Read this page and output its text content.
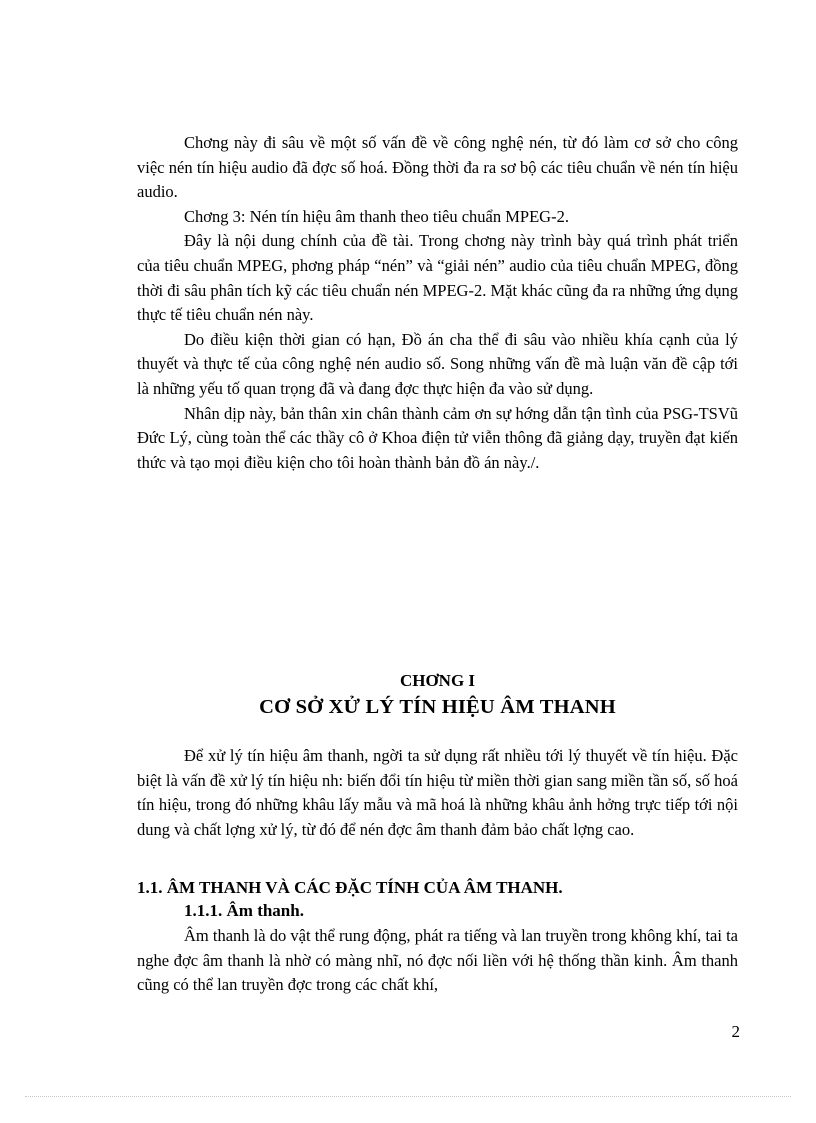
Chơng này đi sâu về một số vấn đề về công nghệ nén, từ đó làm cơ sở cho công việc nén tín hiệu audio đã đợc số hoá. Đồng thời đa ra sơ bộ các tiêu chuẩn về nén tín hiệu audio.

Chơng 3: Nén tín hiệu âm thanh theo tiêu chuẩn MPEG-2.

Đây là nội dung chính của đề tài. Trong chơng này trình bày quá trình phát triển của tiêu chuẩn MPEG, phơng pháp “nén” và “giải nén” audio của tiêu chuẩn MPEG, đồng thời đi sâu phân tích kỹ các tiêu chuẩn nén MPEG-2. Mặt khác cũng đa ra những ứng dụng thực tế tiêu chuẩn nén này.

Do điều kiện thời gian có hạn, Đồ án cha thể đi sâu vào nhiều khía cạnh của lý thuyết và thực tế của công nghệ nén audio số. Song những vấn đề mà luận văn đề cập tới là những yếu tố quan trọng đã và đang đợc thực hiện đa vào sử dụng.

Nhân dịp này, bản thân xin chân thành cảm ơn sự hớng dẫn tận tình của PSG-TSVũ Đức Lý, cùng toàn thể các thầy cô ở Khoa điện tử viễn thông đã giảng dạy, truyền đạt kiến thức và tạo mọi điều kiện cho tôi hoàn thành bản đồ án này./.

CHƠNG I
CƠ SỞ XỬ LÝ TÍN HIỆU ÂM THANH

Để xử lý tín hiệu âm thanh, ngời ta sử dụng rất nhiều tới lý thuyết về tín hiệu. Đặc biệt là vấn đề xử lý tín hiệu nh: biến đổi tín hiệu từ miền thời gian sang miền tần số, số hoá tín hiệu, trong đó những khâu lấy mẫu và mã hoá là những khâu ảnh hởng trực tiếp tới nội dung và chất lợng xử lý, từ đó để nén đợc âm thanh đảm bảo chất lợng cao.

1.1. ÂM THANH VÀ CÁC ĐẶC TÍNH CỦA ÂM THANH.
1.1.1. Âm thanh.

Âm thanh là do vật thể rung động, phát ra tiếng và lan truyền trong không khí, tai ta nghe đợc âm thanh là nhờ có màng nhĩ, nó đợc nối liền với hệ thống thần kinh. Âm thanh cũng có thể lan truyền đợc trong các chất khí,

2
